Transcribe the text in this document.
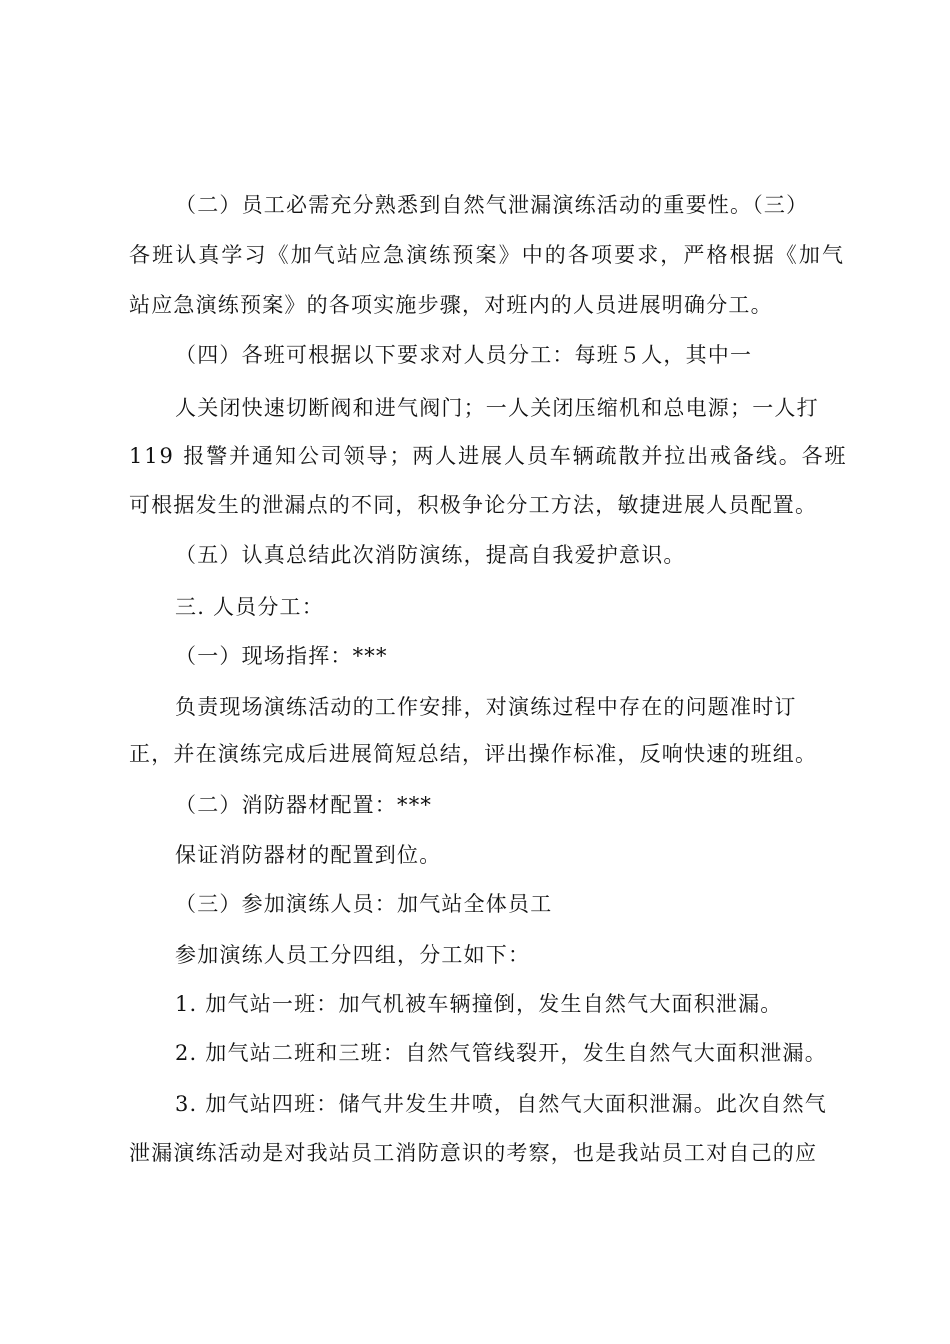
（二）员工必需充分熟悉到自然气泄漏演练活动的重要性。（三）
各班认真学习《加气站应急演练预案》中的各项要求，严格根据《加气
站应急演练预案》的各项实施步骤，对班内的人员进展明确分工。
（四）各班可根据以下要求对人员分工：每班５人，其中一
人关闭快速切断阀和进气阀门；一人关闭压缩机和总电源；一人打
119 报警并通知公司领导；两人进展人员车辆疏散并拉出戒备线。各班
可根据发生的泄漏点的不同，积极争论分工方法，敏捷进展人员配置。
（五）认真总结此次消防演练，提高自我爱护意识。
三. 人员分工：
（一）现场指挥：***
负责现场演练活动的工作安排，对演练过程中存在的问题准时订
正，并在演练完成后进展简短总结，评出操作标准，反响快速的班组。
（二）消防器材配置：***
保证消防器材的配置到位。
（三）参加演练人员：加气站全体员工
参加演练人员工分四组，分工如下：
1. 加气站一班：加气机被车辆撞倒，发生自然气大面积泄漏。
2. 加气站二班和三班：自然气管线裂开，发生自然气大面积泄漏。
3. 加气站四班：储气井发生井喷，自然气大面积泄漏。此次自然气
泄漏演练活动是对我站员工消防意识的考察，也是我站员工对自己的应
